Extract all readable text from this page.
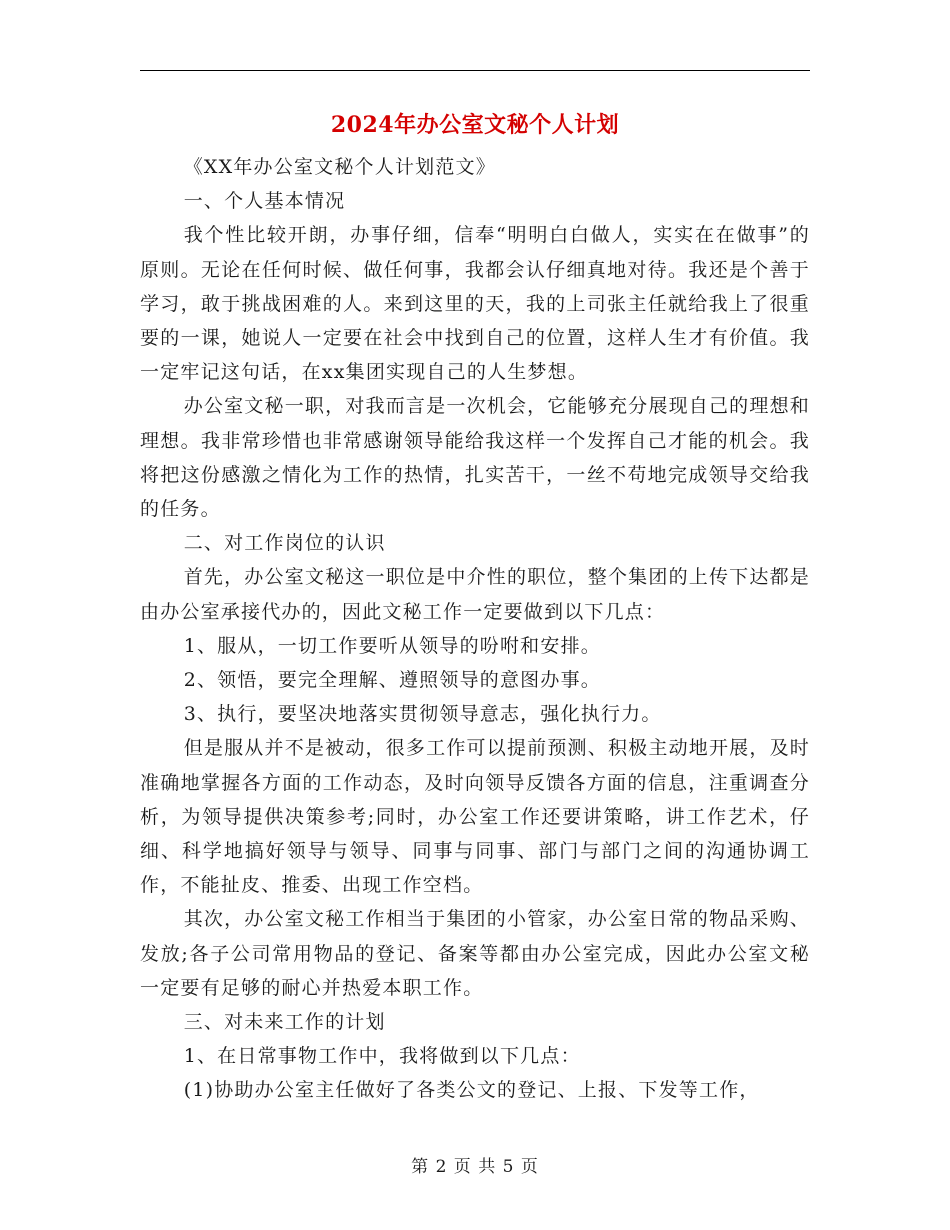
2024年办公室文秘个人计划

《XX年办公室文秘个人计划范文》

一、个人基本情况

我个性比较开朗，办事仔细，信奉“明明白白做人，实实在在做事”的原则。无论在任何时候、做任何事，我都会认仔细真地对待。我还是个善于学习，敢于挑战困难的人。来到这里的天，我的上司张主任就给我上了很重要的一课，她说人一定要在社会中找到自己的位置，这样人生才有价值。我一定牢记这句话，在xx集团实现自己的人生梦想。

办公室文秘一职，对我而言是一次机会，它能够充分展现自己的理想和理想。我非常珍惜也非常感谢领导能给我这样一个发挥自己才能的机会。我将把这份感激之情化为工作的热情，扎实苦干，一丝不苟地完成领导交给我的任务。

二、对工作岗位的认识

首先，办公室文秘这一职位是中介性的职位，整个集团的上传下达都是由办公室承接代办的，因此文秘工作一定要做到以下几点：

1、服从，一切工作要听从领导的吩咐和安排。

2、领悟，要完全理解、遵照领导的意图办事。

3、执行，要坚决地落实贯彻领导意志，强化执行力。

但是服从并不是被动，很多工作可以提前预测、积极主动地开展，及时准确地掌握各方面的工作动态，及时向领导反馈各方面的信息，注重调查分析，为领导提供决策参考;同时，办公室工作还要讲策略，讲工作艺术，仔细、科学地搞好领导与领导、同事与同事、部门与部门之间的沟通协调工作，不能扯皮、推委、出现工作空档。

其次，办公室文秘工作相当于集团的小管家，办公室日常的物品采购、发放;各子公司常用物品的登记、备案等都由办公室完成，因此办公室文秘一定要有足够的耐心并热爱本职工作。

三、对未来工作的计划

1、在日常事物工作中，我将做到以下几点：

(1)协助办公室主任做好了各类公文的登记、上报、下发等工作，

第 2 页 共 5 页
